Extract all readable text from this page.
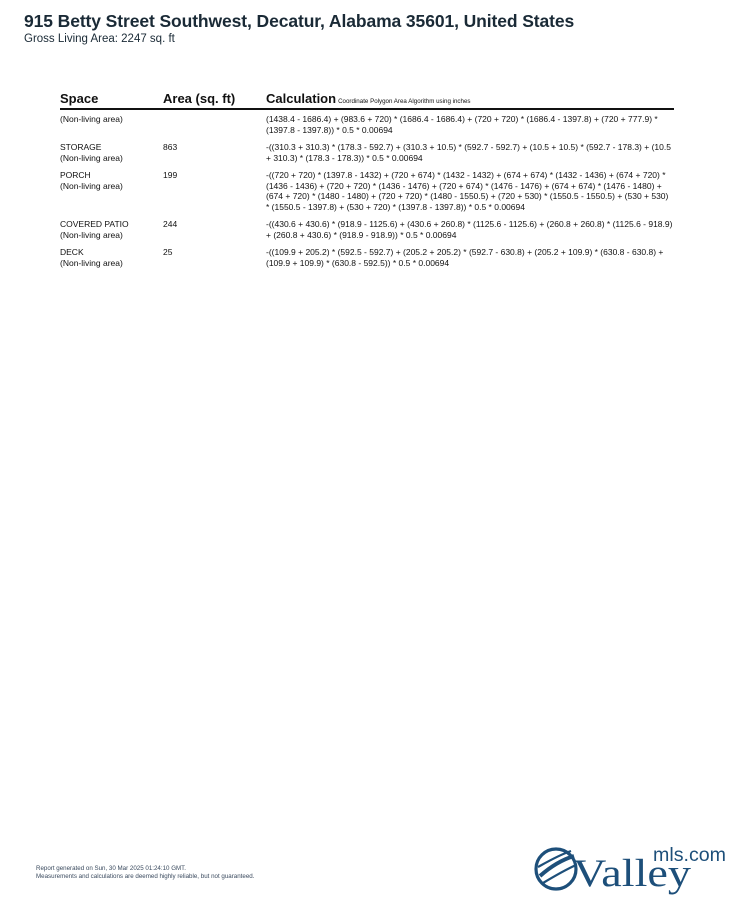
915 Betty Street Southwest, Decatur, Alabama 35601, United States

Gross Living Area: 2247 sq. ft

Space	Area (sq. ft)	Calculation Coordinate Polygon Area Algorithm using inches

(Non-living area)		(1438.4 - 1686.4) + (983.6 + 720) * (1686.4 - 1686.4) + (720 + 720) * (1686.4 - 1397.8) + (720 + 777.9) * (1397.8 - 1397.8)) * 0.5 * 0.00694

STORAGE
(Non-living area)	863	-((310.3 + 310.3) * (178.3 - 592.7) + (310.3 + 10.5) * (592.7 - 592.7) + (10.5 + 10.5) * (592.7 - 178.3) + (10.5 + 310.3) * (178.3 - 178.3)) * 0.5 * 0.00694

PORCH
(Non-living area)	199	-((720 + 720) * (1397.8 - 1432) + (720 + 674) * (1432 - 1432) + (674 + 674) * (1432 - 1436) + (674 + 720) * (1436 - 1436) + (720 + 720) * (1436 - 1476) + (720 + 674) * (1476 - 1476) + (674 + 674) * (1476 - 1480) + (674 + 720) * (1480 - 1480) + (720 + 720) * (1480 - 1550.5) + (720 + 530) * (1550.5 - 1550.5) + (530 + 530) * (1550.5 - 1397.8) + (530 + 720) * (1397.8 - 1397.8)) * 0.5 * 0.00694

COVERED PATIO
(Non-living area)	244	-((430.6 + 430.6) * (918.9 - 1125.6) + (430.6 + 260.8) * (1125.6 - 1125.6) + (260.8 + 260.8) * (1125.6 - 918.9) + (260.8 + 430.6) * (918.9 - 918.9)) * 0.5 * 0.00694

DECK
(Non-living area)	25	-((109.9 + 205.2) * (592.5 - 592.7) + (205.2 + 205.2) * (592.7 - 630.8) + (205.2 + 109.9) * (630.8 - 630.8) + (109.9 + 109.9) * (630.8 - 592.5)) * 0.5 * 0.00694
Report generated on Sun, 30 Mar 2025 01:24:10 GMT.
Measurements and calculations are deemed highly reliable, but not guaranteed.	Valley
mls.com
